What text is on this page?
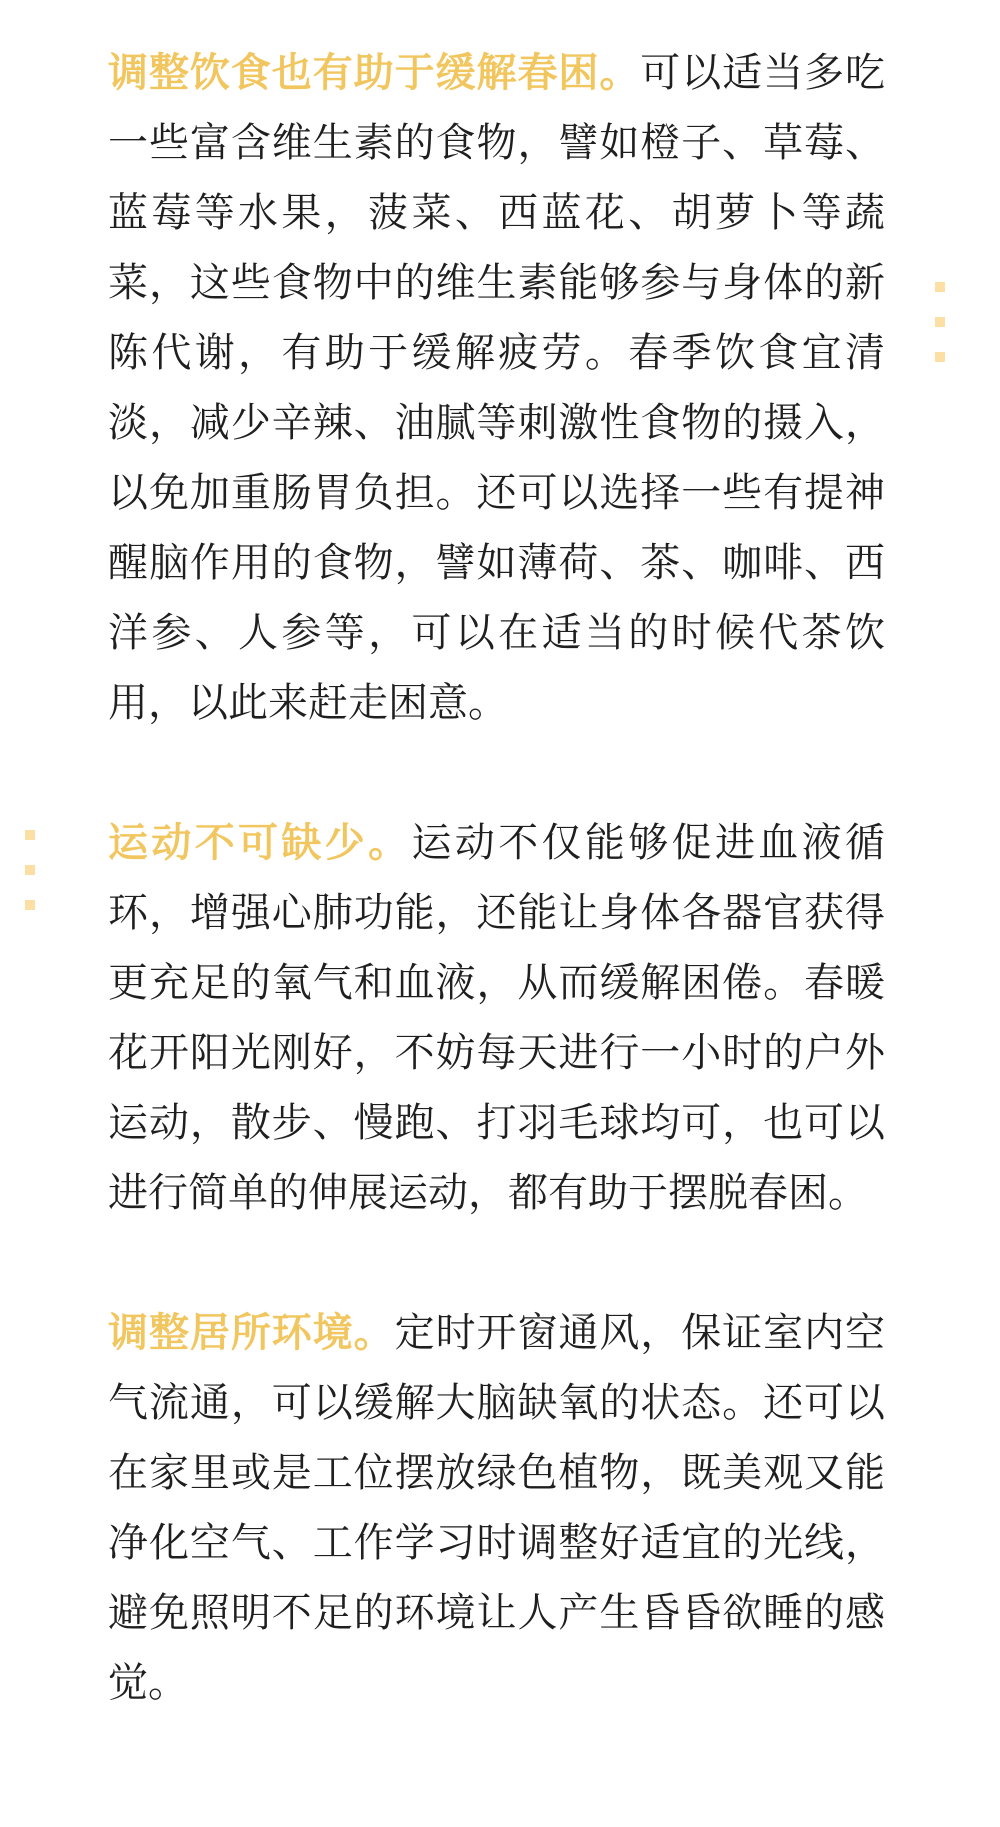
调整饮食也有助于缓解春困。可以适当多吃一些富含维生素的食物，譬如橙子、草莓、蓝莓等水果，菠菜、西蓝花、胡萝卜等蔬菜，这些食物中的维生素能够参与身体的新陈代谢，有助于缓解疲劳。春季饮食宜清淡，减少辛辣、油腻等刺激性食物的摄入，以免加重肠胃负担。还可以选择一些有提神醒脑作用的食物，譬如薄荷、茶、咖啡、西洋参、人参等，可以在适当的时候代茶饮用，以此来赶走困意。

运动不可缺少。运动不仅能够促进血液循环，增强心肺功能，还能让身体各器官获得更充足的氧气和血液，从而缓解困倦。春暖花开阳光刚好，不妨每天进行一小时的户外运动，散步、慢跑、打羽毛球均可，也可以进行简单的伸展运动，都有助于摆脱春困。

调整居所环境。定时开窗通风，保证室内空气流通，可以缓解大脑缺氧的状态。还可以在家里或是工位摆放绿色植物，既美观又能净化空气、工作学习时调整好适宜的光线，避免照明不足的环境让人产生昏昏欲睡的感觉。
